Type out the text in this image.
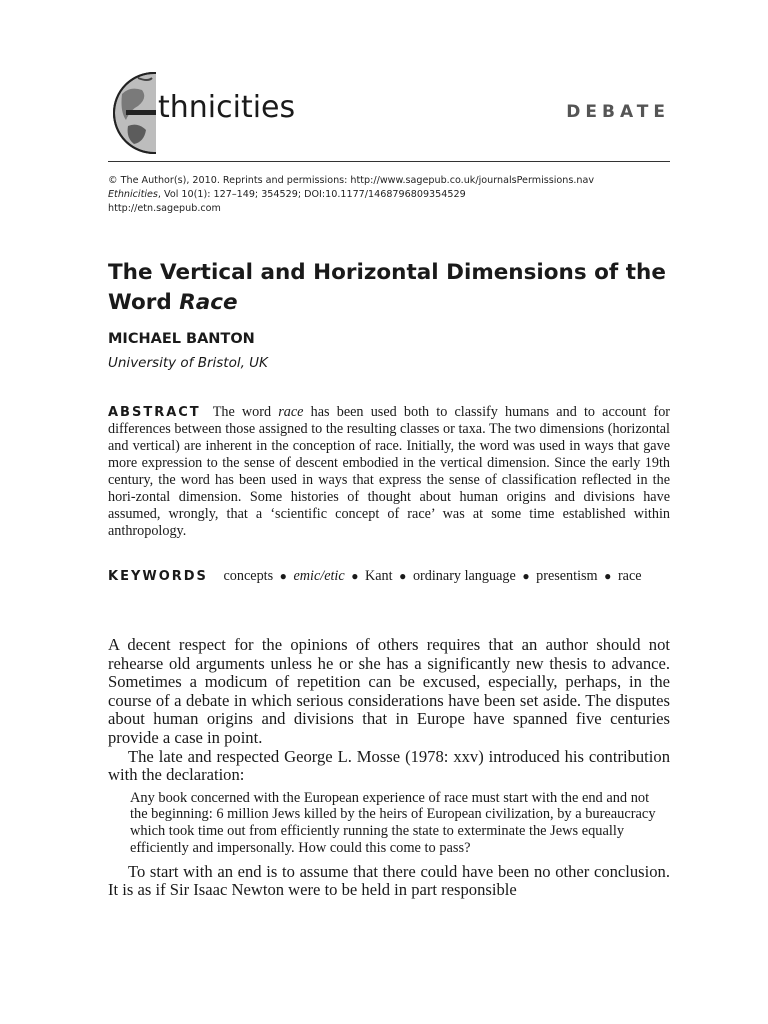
thnicities	DEBATE
© The Author(s), 2010. Reprints and permissions: http://www.sagepub.co.uk/journalsPermissions.nav
Ethnicities, Vol 10(1): 127–149; 354529; DOI:10.1177/1468796809354529
http://etn.sagepub.com
The Vertical and Horizontal Dimensions of the Word Race
MICHAEL BANTON
University of Bristol, UK
ABSTRACT The word race has been used both to classify humans and to account for differences between those assigned to the resulting classes or taxa. The two dimensions (horizontal and vertical) are inherent in the conception of race. Initially, the word was used in ways that gave more expression to the sense of descent embodied in the vertical dimension. Since the early 19th century, the word has been used in ways that express the sense of classification reflected in the hori-zontal dimension. Some histories of thought about human origins and divisions have assumed, wrongly, that a ‘scientific concept of race’ was at some time established within anthropology.
KEYWORDS concepts ● emic/etic ● Kant ● ordinary language ● presentism ● race

A decent respect for the opinions of others requires that an author should not rehearse old arguments unless he or she has a significantly new thesis to advance. Sometimes a modicum of repetition can be excused, especially, perhaps, in the course of a debate in which serious considerations have been set aside. The disputes about human origins and divisions that in Europe have spanned five centuries provide a case in point.

The late and respected George L. Mosse (1978: xxv) introduced his contribution with the declaration:

Any book concerned with the European experience of race must start with the end and not the beginning: 6 million Jews killed by the heirs of European civilization, by a bureaucracy which took time out from efficiently running the state to exterminate the Jews equally efficiently and impersonally. How could this come to pass?

To start with an end is to assume that there could have been no other conclusion. It is as if Sir Isaac Newton were to be held in part responsible
